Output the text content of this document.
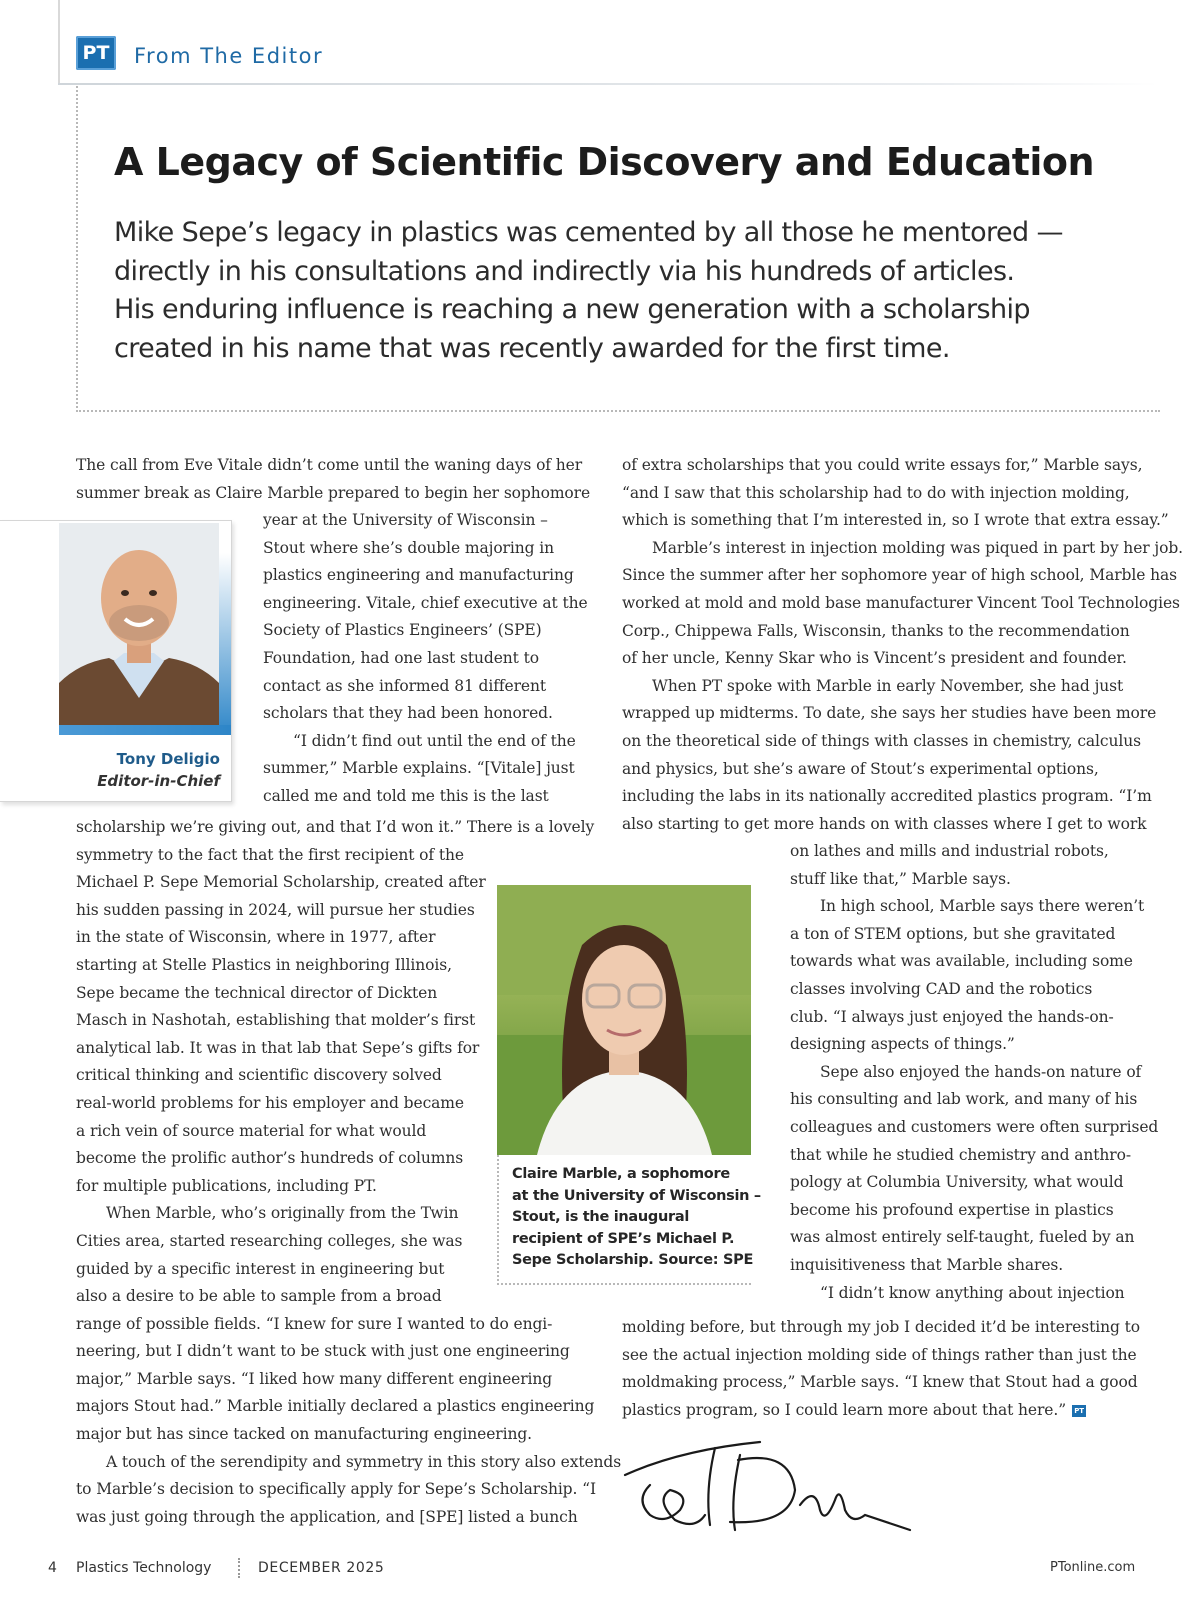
PT	From The Editor
A Legacy of Scientific Discovery and Education
Mike Sepe’s legacy in plastics was cemented by all those he mentored —
directly in his consultations and indirectly via his hundreds of articles.
His enduring influence is reaching a new generation with a scholarship
created in his name that was recently awarded for the first time.
Tony Deligio
Editor-in-Chief
The call from Eve Vitale didn’t come until the waning days of her
summer break as Claire Marble prepared to begin her sophomore
year at the University of Wisconsin –
Stout where she’s double majoring in
plastics engineering and manufacturing
engineering. Vitale, chief executive at the
Society of Plastics Engineers’ (SPE)
Foundation, had one last student to
contact as she informed 81 different
scholars that they had been honored.
“I didn’t find out until the end of the
summer,” Marble explains. “[Vitale] just
called me and told me this is the last
scholarship we’re giving out, and that I’d won it.” There is a lovely
symmetry to the fact that the first recipient of the
Michael P. Sepe Memorial Scholarship, created after
his sudden passing in 2024, will pursue her studies
in the state of Wisconsin, where in 1977, after
starting at Stelle Plastics in neighboring Illinois,
Sepe became the technical director of Dickten
Masch in Nashotah, establishing that molder’s first
analytical lab. It was in that lab that Sepe’s gifts for
critical thinking and scientific discovery solved
real-world problems for his employer and became
a rich vein of source material for what would
become the prolific author’s hundreds of columns
for multiple publications, including PT.
When Marble, who’s originally from the Twin
Cities area, started researching colleges, she was
guided by a specific interest in engineering but
also a desire to be able to sample from a broad
range of possible fields. “I knew for sure I wanted to do engi-
neering, but I didn’t want to be stuck with just one engineering
major,” Marble says. “I liked how many different engineering
majors Stout had.” Marble initially declared a plastics engineering
major but has since tacked on manufacturing engineering.
A touch of the serendipity and symmetry in this story also extends
to Marble’s decision to specifically apply for Sepe’s Scholarship. “I
was just going through the application, and [SPE] listed a bunch
Claire Marble, a sophomore
at the University of Wisconsin –
Stout, is the inaugural
recipient of SPE’s Michael P.
Sepe Scholarship. Source: SPE
of extra scholarships that you could write essays for,” Marble says,
“and I saw that this scholarship had to do with injection molding,
which is something that I’m interested in, so I wrote that extra essay.”
Marble’s interest in injection molding was piqued in part by her job.
Since the summer after her sophomore year of high school, Marble has
worked at mold and mold base manufacturer Vincent Tool Technologies
Corp., Chippewa Falls, Wisconsin, thanks to the recommendation
of her uncle, Kenny Skar who is Vincent’s president and founder.
When PT spoke with Marble in early November, she had just
wrapped up midterms. To date, she says her studies have been more
on the theoretical side of things with classes in chemistry, calculus
and physics, but she’s aware of Stout’s experimental options,
including the labs in its nationally accredited plastics program. “I’m
also starting to get more hands on with classes where I get to work
on lathes and mills and industrial robots,
stuff like that,” Marble says.
In high school, Marble says there weren’t
a ton of STEM options, but she gravitated
towards what was available, including some
classes involving CAD and the robotics
club. “I always just enjoyed the hands-on-
designing aspects of things.”
Sepe also enjoyed the hands-on nature of
his consulting and lab work, and many of his
colleagues and customers were often surprised
that while he studied chemistry and anthro-
pology at Columbia University, what would
become his profound expertise in plastics
was almost entirely self-taught, fueled by an
inquisitiveness that Marble shares.
“I didn’t know anything about injection
molding before, but through my job I decided it’d be interesting to
see the actual injection molding side of things rather than just the
moldmaking process,” Marble says. “I knew that Stout had a good
plastics program, so I could learn more about that here.” PT
4 Plastics Technology	DECEMBER 2025	PTonline.com
